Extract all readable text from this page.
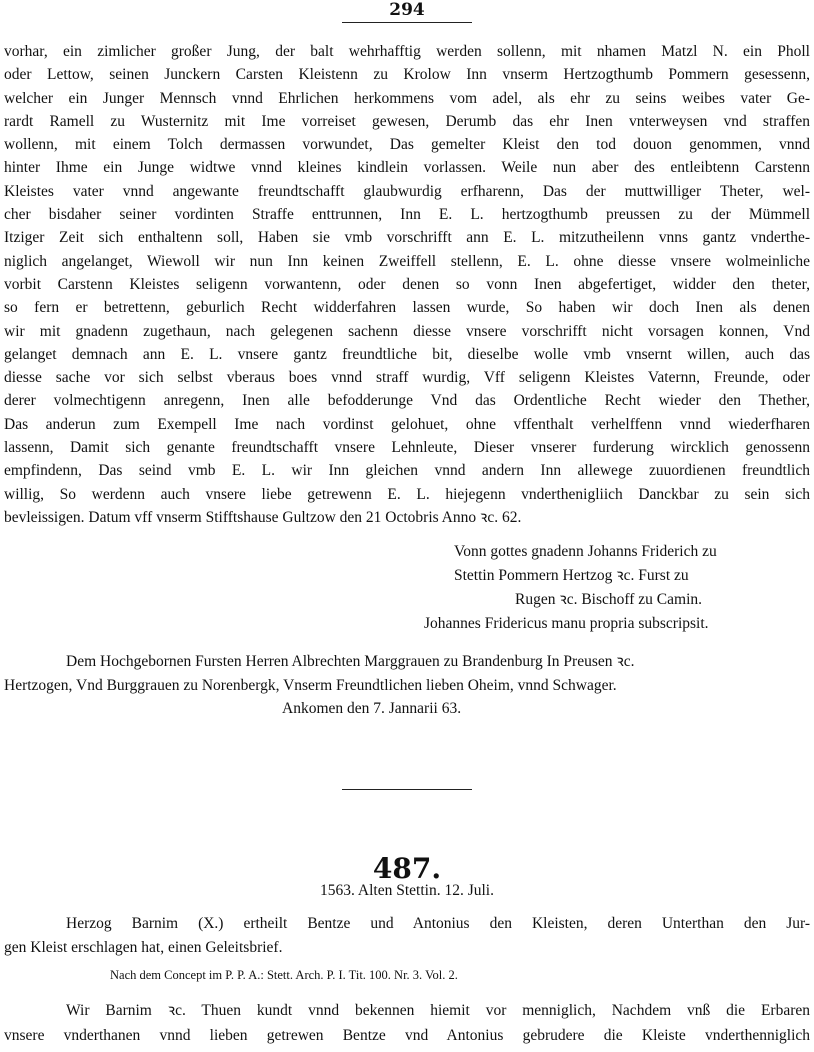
294
vorhar, ein zimlicher großer Jung, der balt wehrhafftig werden sollenn, mit nhamen Matzl N. ein Pholl
oder Lettow, seinen Junckern Carsten Kleistenn zu Krolow Inn vnserm Hertzogthumb Pommern gesessenn,
welcher ein Junger Mennsch vnnd Ehrlichen herkommens vom adel, als ehr zu seins weibes vater Ge-
rardt Ramell zu Wusternitz mit Ime vorreiset gewesen, Derumb das ehr Inen vnterweysen vnd straffen
wollenn, mit einem Tolch dermassen vorwundet, Das gemelter Kleist den tod douon genommen, vnnd
hinter Ihme ein Junge widtwe vnnd kleines kindlein vorlassen. Weile nun aber des entleibtenn Carstenn
Kleistes vater vnnd angewante freundtschafft glaubwurdig erfharenn, Das der muttwilliger Theter, wel-
cher bisdaher seiner vordinten Straffe enttrunnen, Inn E. L. hertzogthumb preussen zu der Mümmell
Itziger Zeit sich enthaltenn soll, Haben sie vmb vorschrifft ann E. L. mitzutheilenn vnns gantz vnderthe-
niglich angelanget, Wiewoll wir nun Inn keinen Zweiffell stellenn, E. L. ohne diesse vnsere wolmeinliche
vorbit Carstenn Kleistes seligenn vorwantenn, oder denen so vonn Inen abgefertiget, widder den theter,
so fern er betrettenn, geburlich Recht widderfahren lassen wurde, So haben wir doch Inen als denen
wir mit gnadenn zugethaun, nach gelegenen sachenn diesse vnsere vorschrifft nicht vorsagen konnen, Vnd
gelanget demnach ann E. L. vnsere gantz freundtliche bit, dieselbe wolle vmb vnsernt willen, auch das
diesse sache vor sich selbst vberaus boes vnnd straff wurdig, Vff seligenn Kleistes Vaternn, Freunde, oder
derer volmechtigenn anregenn, Inen alle befodderunge Vnd das Ordentliche Recht wieder den Thether,
Das anderun zum Exempell Ime nach vordinst gelohuet, ohne vffenthalt verhelffenn vnnd wiederfharen
lassenn, Damit sich genante freundtschafft vnsere Lehnleute, Dieser vnserer furderung wircklich genossenn
empfindenn, Das seind vmb E. L. wir Inn gleichen vnnd andern Inn allewege zuuordienen freundtlich
willig, So werdenn auch vnsere liebe getrewenn E. L. hiejegenn vnderthenigliich Danckbar zu sein sich
bevleissigen. Datum vff vnserm Stifftshause Gultzow den 21 Octobris Anno ꝛc. 62.
Vonn gottes gnadenn Johanns Friderich zu
Stettin Pommern Hertzog ꝛc. Furst zu
Rugen ꝛc. Bischoff zu Camin.
Johannes Fridericus manu propria subscripsit.
Dem Hochgebornen Fursten Herren Albrechten Marggrauen zu Brandenburg In Preusen ꝛc.
Hertzogen, Vnd Burggrauen zu Norenbergk, Vnserm Freundtlichen lieben Oheim, vnnd Schwager.
Ankomen den 7. Jannarii 63.
487.
1563. Alten Stettin. 12. Juli.
Herzog Barnim (X.) ertheilt Bentze und Antonius den Kleisten, deren Unterthan den Jur-
gen Kleist erschlagen hat, einen Geleitsbrief.
Nach dem Concept im P. P. A.: Stett. Arch. P. I. Tit. 100. Nr. 3. Vol. 2.
Wir Barnim ꝛc. Thuen kundt vnnd bekennen hiemit vor menniglich, Nachdem vnß die Erbaren
vnsere vnderthanen vnnd lieben getrewen Bentze vnd Antonius gebrudere die Kleiste vnderthenniglich
